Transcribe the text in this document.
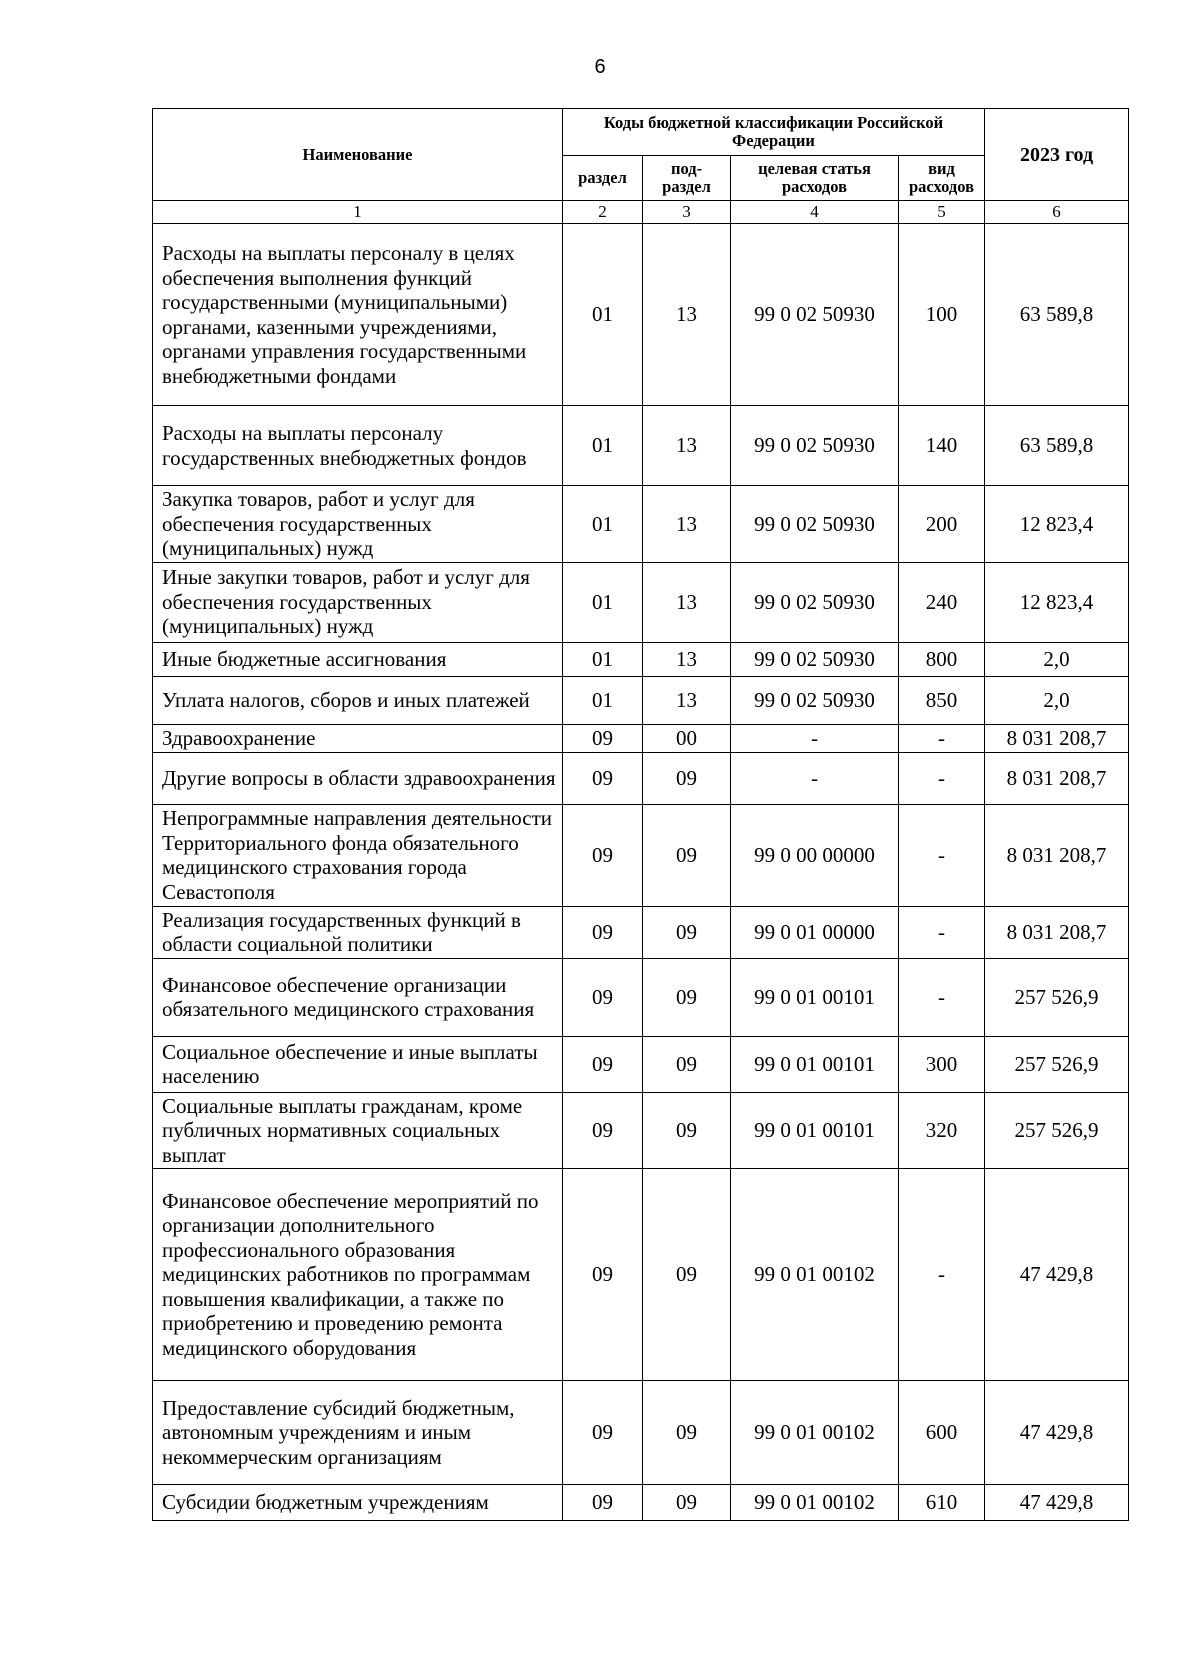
6
Наименование	Коды бюджетной классификации Российской Федерации				2023 год
	раздел	под-раздел	целевая статья расходов	вид расходов	
1	2	3	4	5	6
Расходы на выплаты персоналу в целях обеспечения выполнения функций государственными (муниципальными) органами, казенными учреждениями, органами управления государственными внебюджетными фондами	01	13	99 0 02 50930	100	63 589,8
Расходы на выплаты персоналу государственных внебюджетных фондов	01	13	99 0 02 50930	140	63 589,8
Закупка товаров, работ и услуг для обеспечения государственных (муниципальных) нужд	01	13	99 0 02 50930	200	12 823,4
Иные закупки товаров, работ и услуг для обеспечения государственных (муниципальных) нужд	01	13	99 0 02 50930	240	12 823,4
Иные бюджетные ассигнования	01	13	99 0 02 50930	800	2,0
Уплата налогов, сборов и иных платежей	01	13	99 0 02 50930	850	2,0
Здравоохранение	09	00	-	-	8 031 208,7
Другие вопросы в области здравоохранения	09	09	-	-	8 031 208,7
Непрограммные направления деятельности Территориального фонда обязательного медицинского страхования города Севастополя	09	09	99 0 00 00000	-	8 031 208,7
Реализация государственных функций в области социальной политики	09	09	99 0 01 00000	-	8 031 208,7
Финансовое обеспечение организации обязательного медицинского страхования	09	09	99 0 01 00101	-	257 526,9
Социальное обеспечение и иные выплаты населению	09	09	99 0 01 00101	300	257 526,9
Социальные выплаты гражданам, кроме публичных нормативных социальных выплат	09	09	99 0 01 00101	320	257 526,9
Финансовое обеспечение мероприятий по организации дополнительного профессионального образования медицинских работников по программам повышения квалификации, а также по приобретению и проведению ремонта медицинского оборудования	09	09	99 0 01 00102	-	47 429,8
Предоставление субсидий бюджетным, автономным учреждениям и иным некоммерческим организациям	09	09	99 0 01 00102	600	47 429,8
Субсидии бюджетным учреждениям	09	09	99 0 01 00102	610	47 429,8
